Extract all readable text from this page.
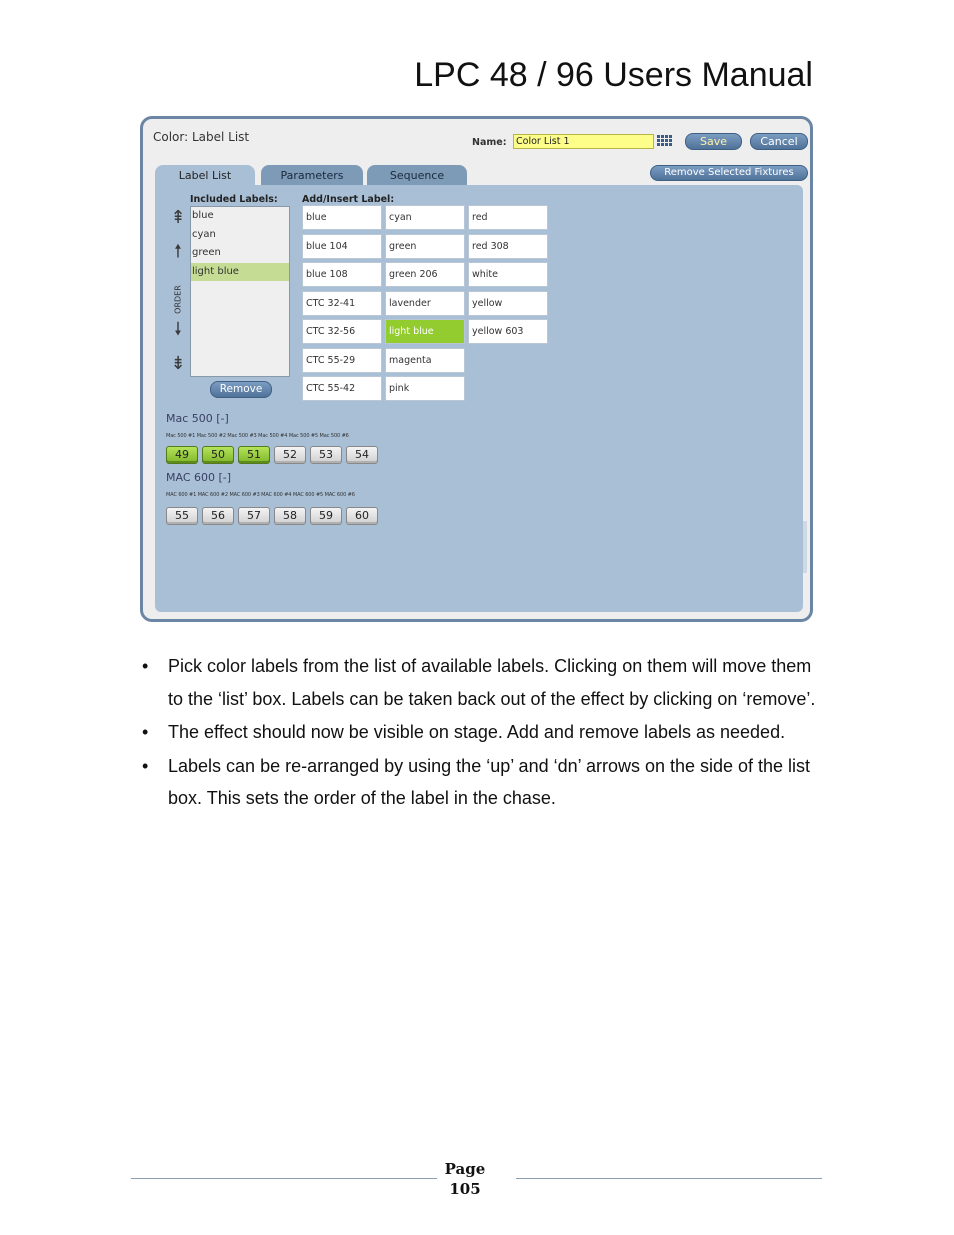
LPC 48 / 96 Users Manual
Color: Label List	Name: Color List 1	Save	Cancel
Label List	Parameters	Sequence	Remove Selected Fixtures
Included Labels:	Add/Insert Label:
⇞
🠕
ORDER
🠗
⇟
blue
cyan
green
light blue
Remove
blue	cyan	red
blue 104	green	red 308
blue 108	green 206	white
CTC 32-41	lavender	yellow
CTC 32-56	light blue	yellow 603
CTC 55-29	magenta
CTC 55-42	pink
Mac 500 [-]
Mac 500 #1 Mac 500 #2 Mac 500 #3 Mac 500 #4 Mac 500 #5 Mac 500 #6
49	50	51	52	53	54
MAC 600 [-]
MAC 600 #1 MAC 600 #2 MAC 600 #3 MAC 600 #4 MAC 600 #5 MAC 600 #6
55	56	57	58	59	60
• Pick color labels from the list of available labels. Clicking on them will move them to the ‘list’ box. Labels can be taken back out of the effect by clicking on ‘remove’.
• The effect should now be visible on stage. Add and remove labels as needed.
• Labels can be re-arranged by using the ‘up’ and ‘dn’ arrows on the side of the list box. This sets the order of the label in the chase.
Page
105
